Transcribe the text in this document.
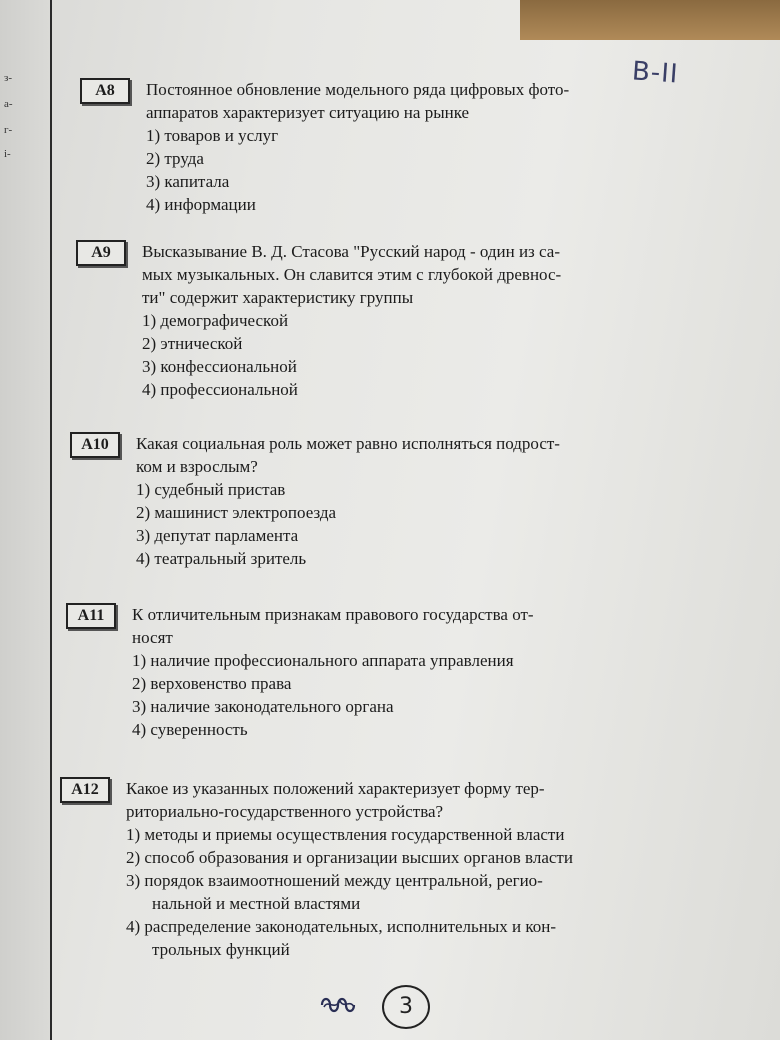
з-
а-
г-
і-
В-II
A8	Постоянное обновление модельного ряда цифровых фото-
аппаратов характеризует ситуацию на рынке
1) товаров и услуг
2) труда
3) капитала
4) информации
A9	Высказывание В. Д. Стасова "Русский народ - один из са-
мых музыкальных. Он славится этим с глубокой древнос-
ти" содержит характеристику группы
1) демографической
2) этнической
3) конфессиональной
4) профессиональной
A10	Какая социальная роль может равно исполняться подрост-
ком и взрослым?
1) судебный пристав
2) машинист электропоезда
3) депутат парламента
4) театральный зритель
A11	К отличительным признакам правового государства от-
носят
1) наличие профессионального аппарата управления
2) верховенство права
3) наличие законодательного органа
4) суверенность
A12	Какое из указанных положений характеризует форму тер-
риториально-государственного устройства?
1) методы и приемы осуществления государственной власти
2) способ образования и организации высших органов власти
3) порядок взаимоотношений между центральной, регио-
нальной и местной властями
4) распределение законодательных, исполнительных и кон-
трольных функций
3
